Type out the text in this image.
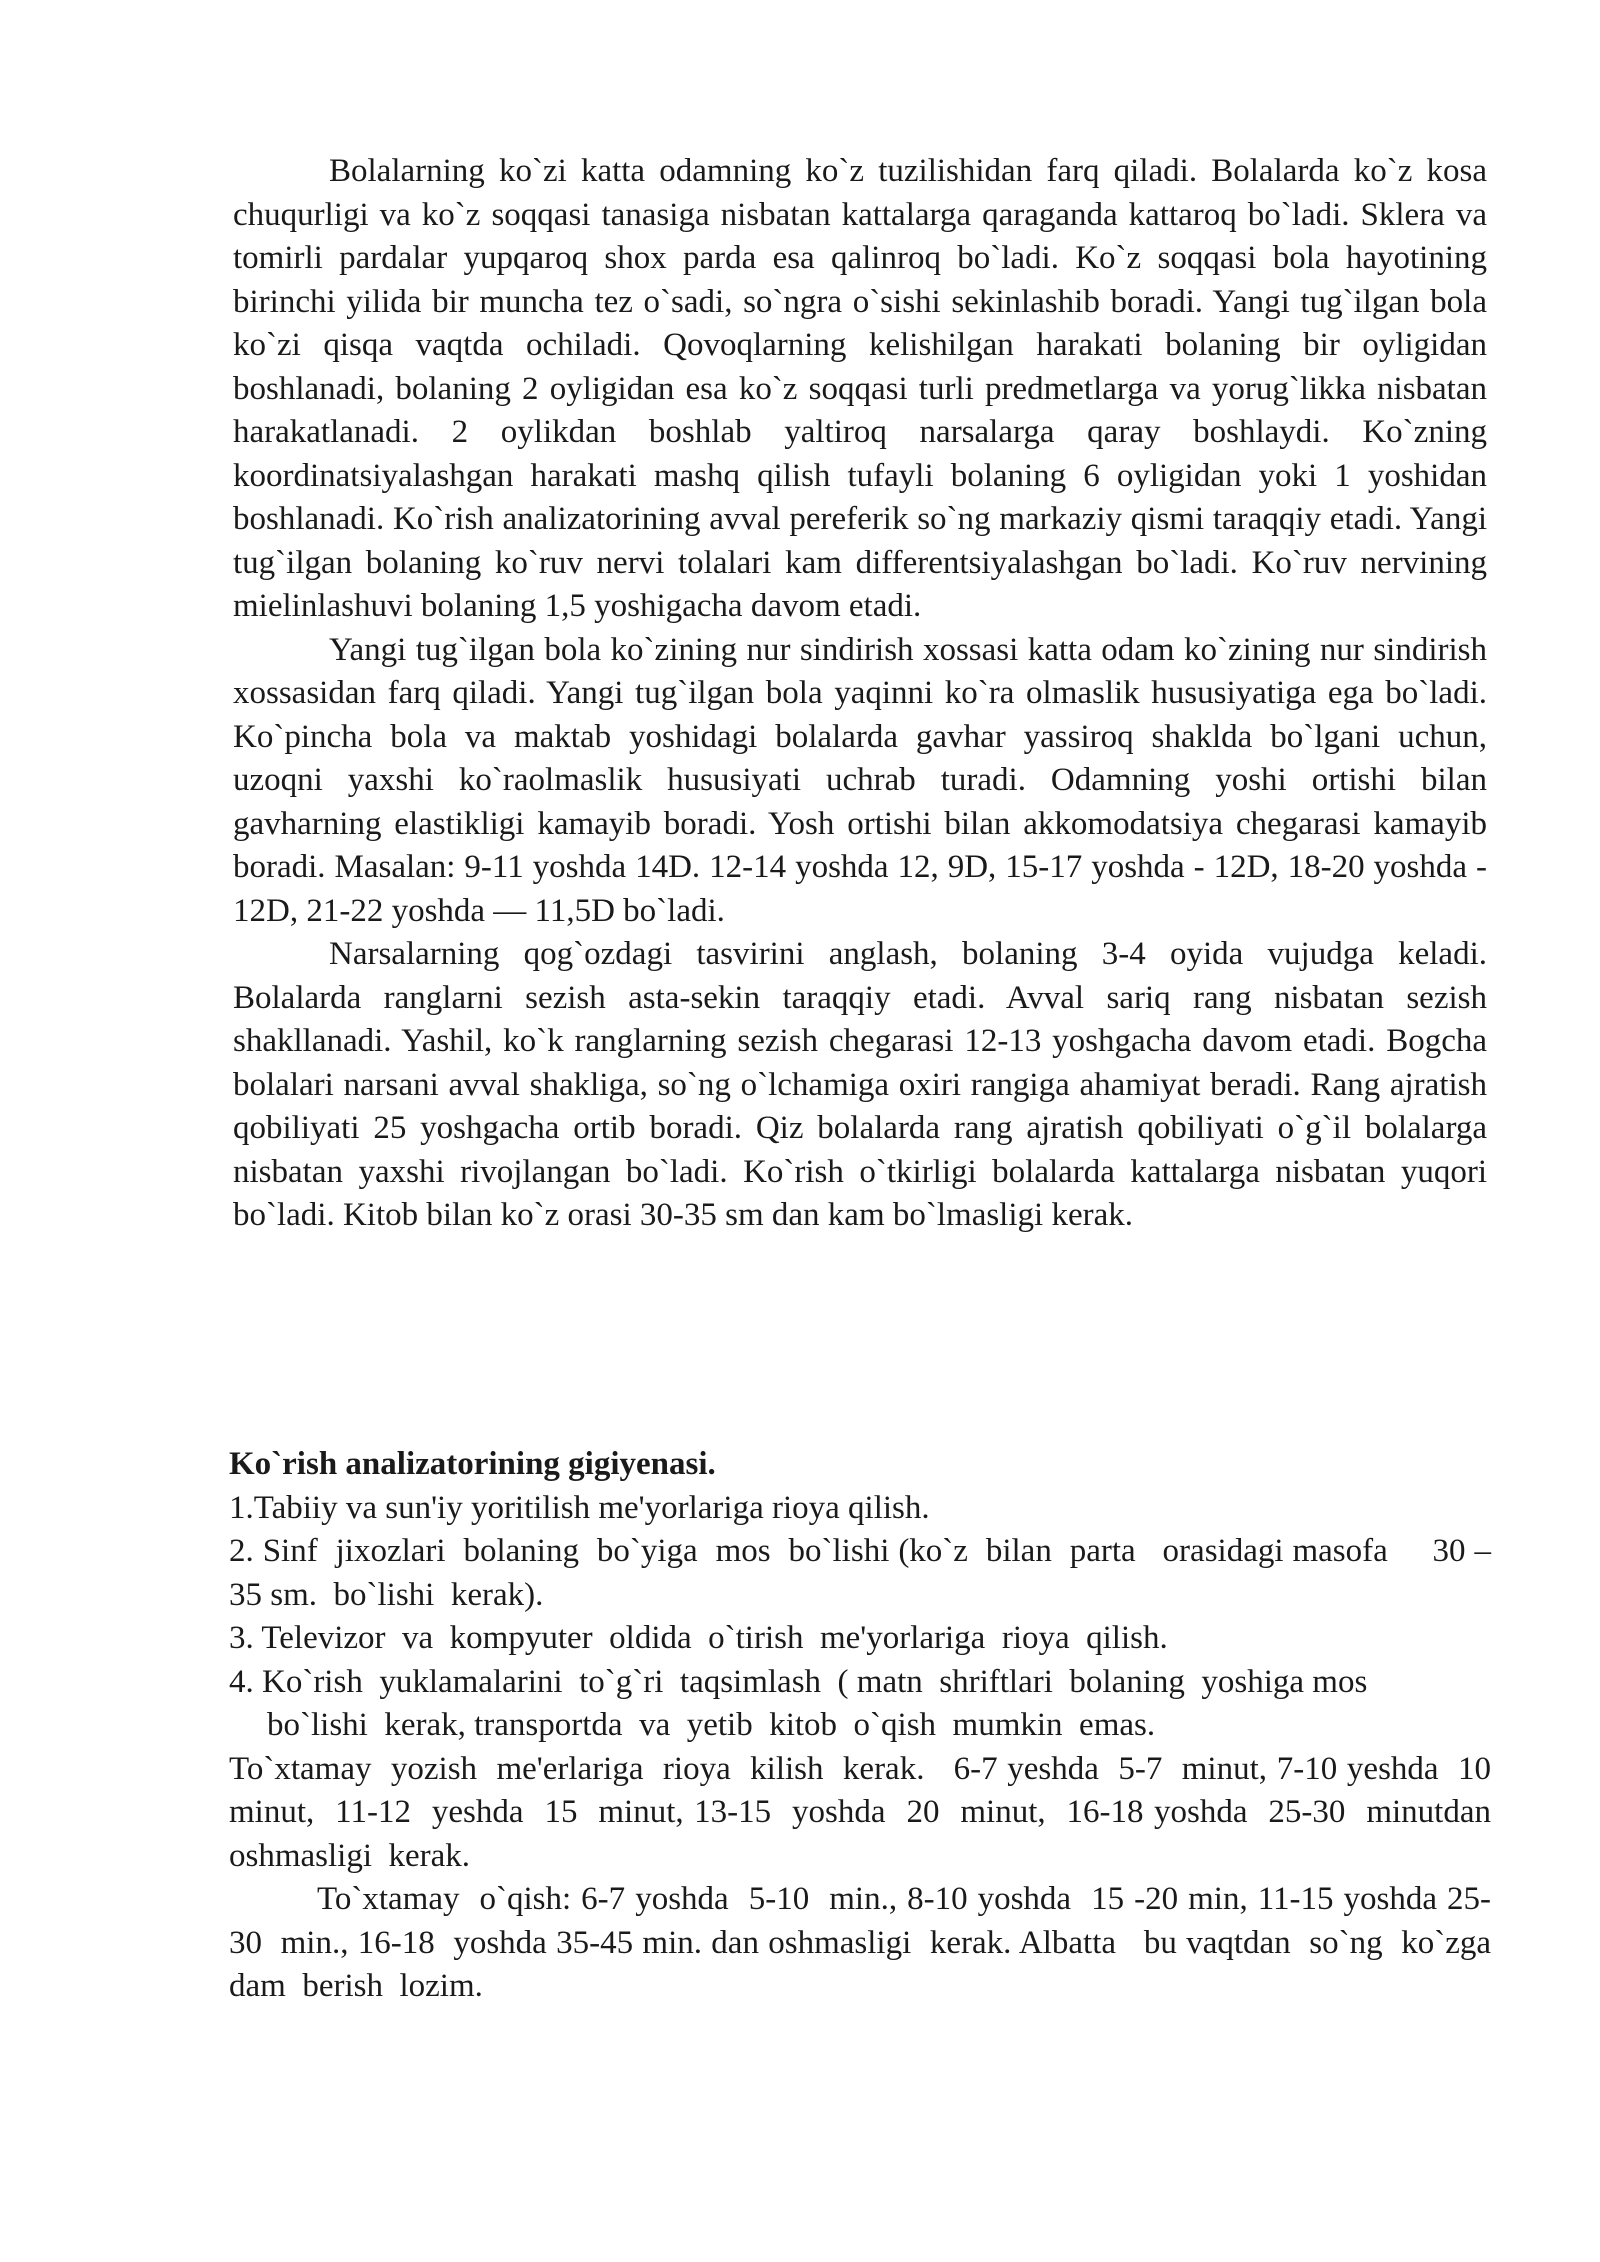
Bolalarning ko`zi katta odamning ko`z tuzilishidan farq qiladi. Bolalarda ko`z kosa chuqurligi va ko`z soqqasi tanasiga nisbatan kattalarga qaraganda kattaroq bo`ladi. Sklera va tomirli pardalar yupqaroq shox parda esa qalinroq bo`ladi. Ko`z soqqasi bola hayotining birinchi yilida bir muncha tez o`sadi, so`ngra o`sishi sekinlashib boradi. Yangi tug`ilgan bola ko`zi qisqa vaqtda ochiladi. Qovoqlarning kelishilgan harakati bolaning bir oyligidan boshlanadi, bolaning 2 oyligidan esa ko`z soqqasi turli predmetlarga va yorug`likka nisbatan harakatlanadi. 2 oylikdan boshlab yaltiroq narsalarga qaray boshlaydi. Ko`zning koordinatsiyalashgan harakati mashq qilish tufayli bolaning 6 oyligidan yoki 1 yoshidan boshlanadi. Ko`rish analizatorining avval pereferik so`ng markaziy qismi taraqqiy etadi. Yangi tug`ilgan bolaning ko`ruv nervi tolalari kam differentsiyalashgan bo`ladi. Ko`ruv nervining mielinlashuvi bolaning 1,5 yoshigacha davom etadi.

Yangi tug`ilgan bola ko`zining nur sindirish xossasi katta odam ko`zining nur sindirish xossasidan farq qiladi. Yangi tug`ilgan bola yaqinni ko`ra olmaslik hususiyatiga ega bo`ladi. Ko`pincha bola va maktab yoshidagi bolalarda gavhar yassiroq shakldа bo`lgani uchun, uzoqni yaxshi ko`raolmaslik hususiyati uchrab turadi. Odamning yoshi ortishi bilan gavharning elastikligi kamayib boradi. Yosh ortishi bilan akkomodatsiya chegarasi kamayib boradi. Masalan: 9-11 yoshda 14D. 12-14 yoshda 12, 9D, 15-17 yoshda - 12D, 18-20 yoshda - 12D, 21-22 yoshda — 11,5D bo`ladi.

Narsalarning qog`ozdagi tasvirini anglash, bolaning 3-4 oyida vujudga keladi. Bolalarda ranglarni sezish asta-sekin taraqqiy etadi. Avval sariq rang nisbatan sezish shakllanadi. Yashil, ko`k ranglarning sezish chegarasi 12-13 yoshgacha davom etadi. Bogcha bolalari narsani avval shakliga, so`ng o`lchamiga oxiri rangiga ahamiyat beradi. Rang ajratish qobiliyati 25 yoshgacha ortib boradi. Qiz bolalarda rang ajratish qobiliyati o`g`il bolalarga nisbatan yaxshi rivojlangan bo`ladi. Ko`rish o`tkirligi bolalarda kattalarga nisbatan yuqori bo`ladi. Kitob bilan ko`z orasi 30-35 sm dan kam bo`lmasligi kerak.

Ko`rish analizatorining gigiyenasi.

1.Tabiiy va sun'iy yoritilish me'yorlariga rioya qilish.

2. Sinf  jixozlari  bolaning  bo`yiga  mos  bo`lishi (ko`z  bilan  parta   orasidagi masofa     30 – 35 sm.  bo`lishi  kerak).

3. Televizor  va  kompyuter  oldida  o`tirish  me'yorlariga  rioya  qilish.

4. Ko`rish  yuklamalarini  to`g`ri  taqsimlash  ( matn  shriftlari  bolaning  yoshiga mos

bo`lishi  kerak, transportda  va  yetib  kitob  o`qish  mumkin  emas.

To`xtamay  yozish  me'erlariga  rioya  kilish  kerak.   6-7 yeshda  5-7  minut, 7-10 yeshda  10 minut,  11-12  yeshda  15  minut, 13-15  yoshda  20  minut,  16-18 yoshda  25-30  minutdan oshmasligi  kerak.

To`xtamay  o`qish: 6-7 yoshda  5-10  min., 8-10 yoshda  15 -20 min, 11-15 yoshda 25-30  min., 16-18  yoshda 35-45 min. dan oshmasligi  kerak. Albatta   bu vaqtdan  so`ng  ko`zga  dam  berish  lozim.
